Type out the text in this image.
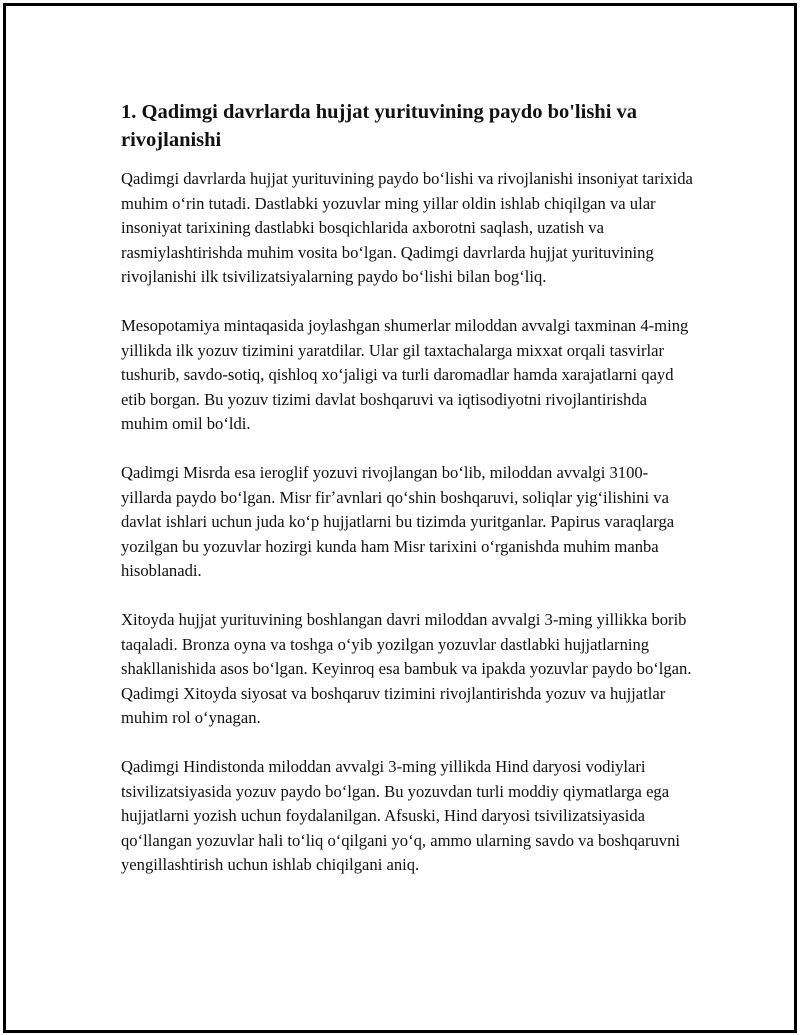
1. Qadimgi davrlarda hujjat yurituvining paydo bo'lishi va rivojlanishi

Qadimgi davrlarda hujjat yurituvining paydo boʻlishi va rivojlanishi insoniyat tarixida muhim oʻrin tutadi. Dastlabki yozuvlar ming yillar oldin ishlab chiqilgan va ular insoniyat tarixining dastlabki bosqichlarida axborotni saqlash, uzatish va rasmiylashtirishda muhim vosita boʻlgan. Qadimgi davrlarda hujjat yurituvining rivojlanishi ilk tsivilizatsiyalarning paydo boʻlishi bilan bogʻliq.

Mesopotamiya mintaqasida joylashgan shumerlar miloddan avvalgi taxminan 4-ming yillikda ilk yozuv tizimini yaratdilar. Ular gil taxtachalarga mixxat orqali tasvirlar tushurib, savdo-sotiq, qishloq xoʻjaligi va turli daromadlar hamda xarajatlarni qayd etib borgan. Bu yozuv tizimi davlat boshqaruvi va iqtisodiyotni rivojlantirishda muhim omil boʻldi.

Qadimgi Misrda esa ieroglif yozuvi rivojlangan boʻlib, miloddan avvalgi 3100-yillarda paydo boʻlgan. Misr firʼavnlari qoʻshin boshqaruvi, soliqlar yigʻilishini va davlat ishlari uchun juda koʻp hujjatlarni bu tizimda yuritganlar. Papirus varaqlarga yozilgan bu yozuvlar hozirgi kunda ham Misr tarixini oʻrganishda muhim manba hisoblanadi.

Xitoyda hujjat yurituvining boshlangan davri miloddan avvalgi 3-ming yillikka borib taqaladi. Bronza oyna va toshga oʻyib yozilgan yozuvlar dastlabki hujjatlarning shakllanishida asos boʻlgan. Keyinroq esa bambuk va ipakda yozuvlar paydo boʻlgan. Qadimgi Xitoyda siyosat va boshqaruv tizimini rivojlantirishda yozuv va hujjatlar muhim rol oʻynagan.

Qadimgi Hindistonda miloddan avvalgi 3-ming yillikda Hind daryosi vodiylari tsivilizatsiyasida yozuv paydo boʻlgan. Bu yozuvdan turli moddiy qiymatlarga ega hujjatlarni yozish uchun foydalanilgan. Afsuski, Hind daryosi tsivilizatsiyasida qoʻllangan yozuvlar hali toʻliq oʻqilgani yoʻq, ammo ularning savdo va boshqaruvni yengillashtirish uchun ishlab chiqilgani aniq.
